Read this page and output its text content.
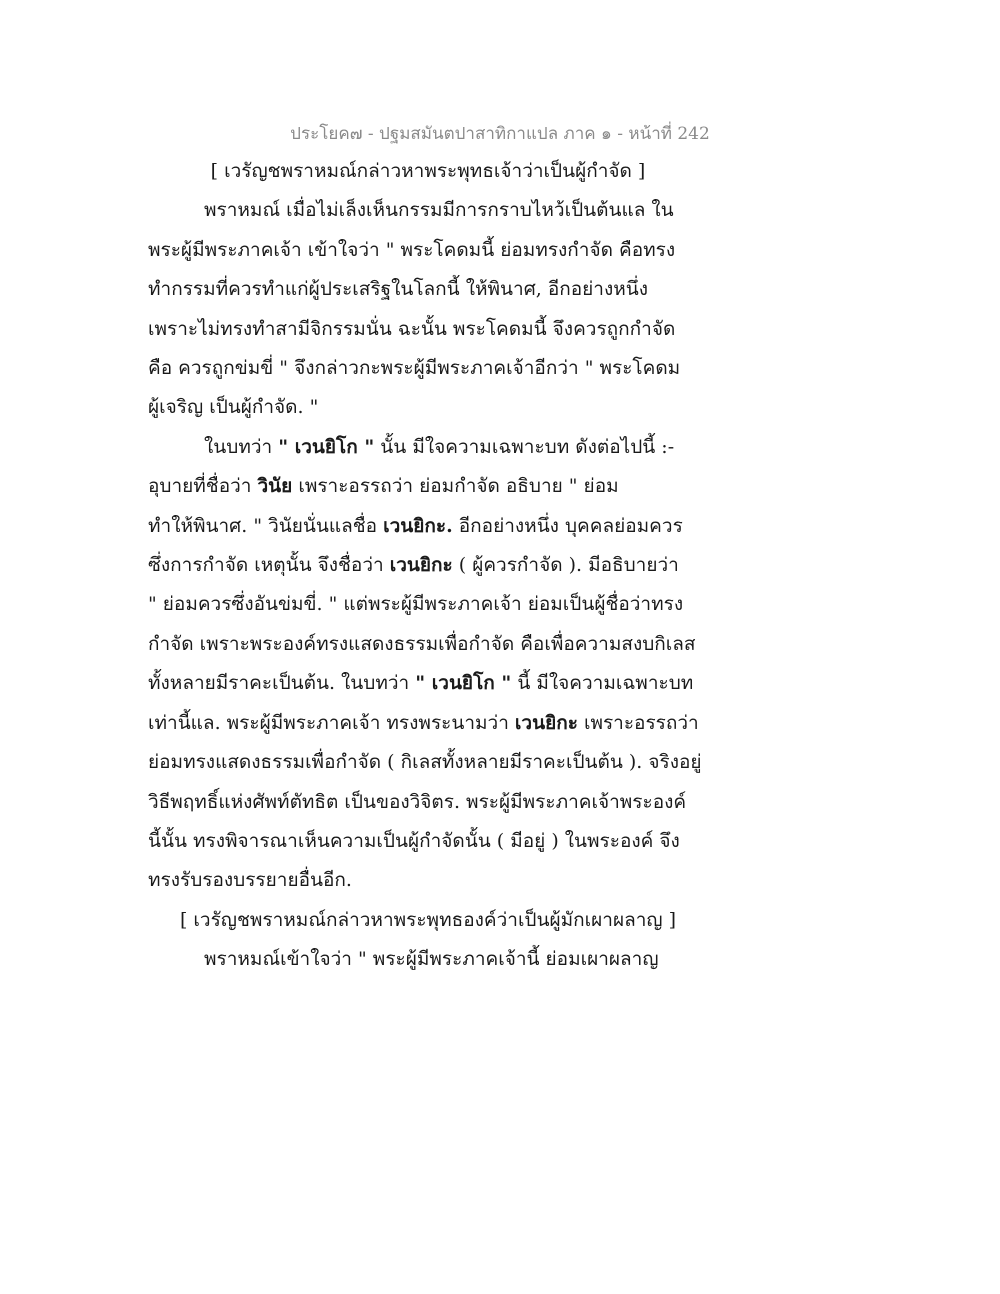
ประโยค๗ - ปฐมสมันตปาสาทิกาแปล ภาค ๑ - หน้าที่ 242
[ เวรัญชพราหมณ์กล่าวหาพระพุทธเจ้าว่าเป็นผู้กำจัด ]
พราหมณ์ เมื่อไม่เล็งเห็นกรรมมีการกราบไหว้เป็นต้นแล ใน
พระผู้มีพระภาคเจ้า เข้าใจว่า " พระโคดมนี้ ย่อมทรงกำจัด คือทรง
ทำกรรมที่ควรทำแก่ผู้ประเสริฐในโลกนี้ ให้พินาศ, อีกอย่างหนึ่ง
เพราะไม่ทรงทำสามีจิกรรมนั่น ฉะนั้น พระโคดมนี้ จึงควรถูกกำจัด
คือ ควรถูกข่มขี่ " จึงกล่าวกะพระผู้มีพระภาคเจ้าอีกว่า " พระโคดม
ผู้เจริญ เป็นผู้กำจัด. "
ในบทว่า " เวนยิโก " นั้น มีใจความเฉพาะบท ดังต่อไปนี้ :-
อุบายที่ชื่อว่า วินัย เพราะอรรถว่า ย่อมกำจัด อธิบาย " ย่อม
ทำให้พินาศ. " วินัยนั่นแลชื่อ เวนยิกะ. อีกอย่างหนึ่ง บุคคลย่อมควร
ซึ่งการกำจัด เหตุนั้น จึงชื่อว่า เวนยิกะ ( ผู้ควรกำจัด ). มีอธิบายว่า
" ย่อมควรซึ่งอันข่มขี่. " แต่พระผู้มีพระภาคเจ้า ย่อมเป็นผู้ชื่อว่าทรง
กำจัด เพราะพระองค์ทรงแสดงธรรมเพื่อกำจัด คือเพื่อความสงบกิเลส
ทั้งหลายมีราคะเป็นต้น. ในบทว่า " เวนยิโก " นี้ มีใจความเฉพาะบท
เท่านี้แล. พระผู้มีพระภาคเจ้า ทรงพระนามว่า เวนยิกะ เพราะอรรถว่า
ย่อมทรงแสดงธรรมเพื่อกำจัด ( กิเลสทั้งหลายมีราคะเป็นต้น ). จริงอยู่
วิธีพฤทธิ์แห่งศัพท์ตัทธิต เป็นของวิจิตร. พระผู้มีพระภาคเจ้าพระองค์
นี้นั้น ทรงพิจารณาเห็นความเป็นผู้กำจัดนั้น ( มีอยู่ ) ในพระองค์ จึง
ทรงรับรองบรรยายอื่นอีก.
[ เวรัญชพราหมณ์กล่าวหาพระพุทธองค์ว่าเป็นผู้มักเผาผลาญ ]
พราหมณ์เข้าใจว่า " พระผู้มีพระภาคเจ้านี้ ย่อมเผาผลาญ
